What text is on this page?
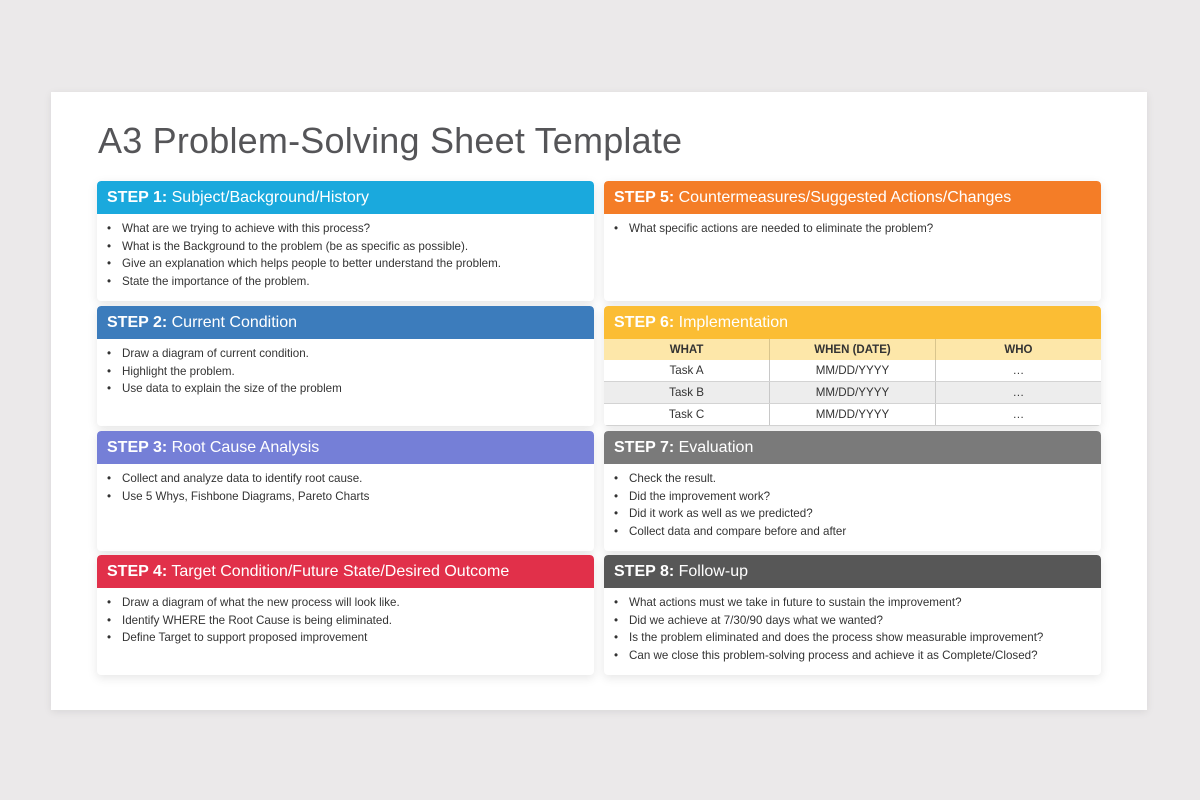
A3 Problem-Solving Sheet Template
STEP 1: Subject/Background/History
• What are we trying to achieve with this process?
• What is the Background to the problem (be as specific as possible).
• Give an explanation which helps people to better understand the problem.
• State the importance of the problem.
STEP 2: Current Condition
• Draw a diagram of current condition.
• Highlight the problem.
• Use data to explain the size of the problem
STEP 3: Root Cause Analysis
• Collect and analyze data to identify root cause.
• Use 5 Whys, Fishbone Diagrams, Pareto Charts
STEP 4: Target Condition/Future State/Desired Outcome
• Draw a diagram of what the new process will look like.
• Identify WHERE the Root Cause is being eliminated.
• Define Target to support proposed improvement
STEP 5: Countermeasures/Suggested Actions/Changes
• What specific actions are needed to eliminate the problem?
STEP 6: Implementation
WHAT	WHEN (DATE)	WHO
Task A	MM/DD/YYYY	…
Task B	MM/DD/YYYY	…
Task C	MM/DD/YYYY	…
STEP 7: Evaluation
• Check the result.
• Did the improvement work?
• Did it work as well as we predicted?
• Collect data and compare before and after
STEP 8: Follow-up
• What actions must we take in future to sustain the improvement?
• Did we achieve at 7/30/90 days what we wanted?
• Is the problem eliminated and does the process show measurable improvement?
• Can we close this problem-solving process and achieve it as Complete/Closed?
